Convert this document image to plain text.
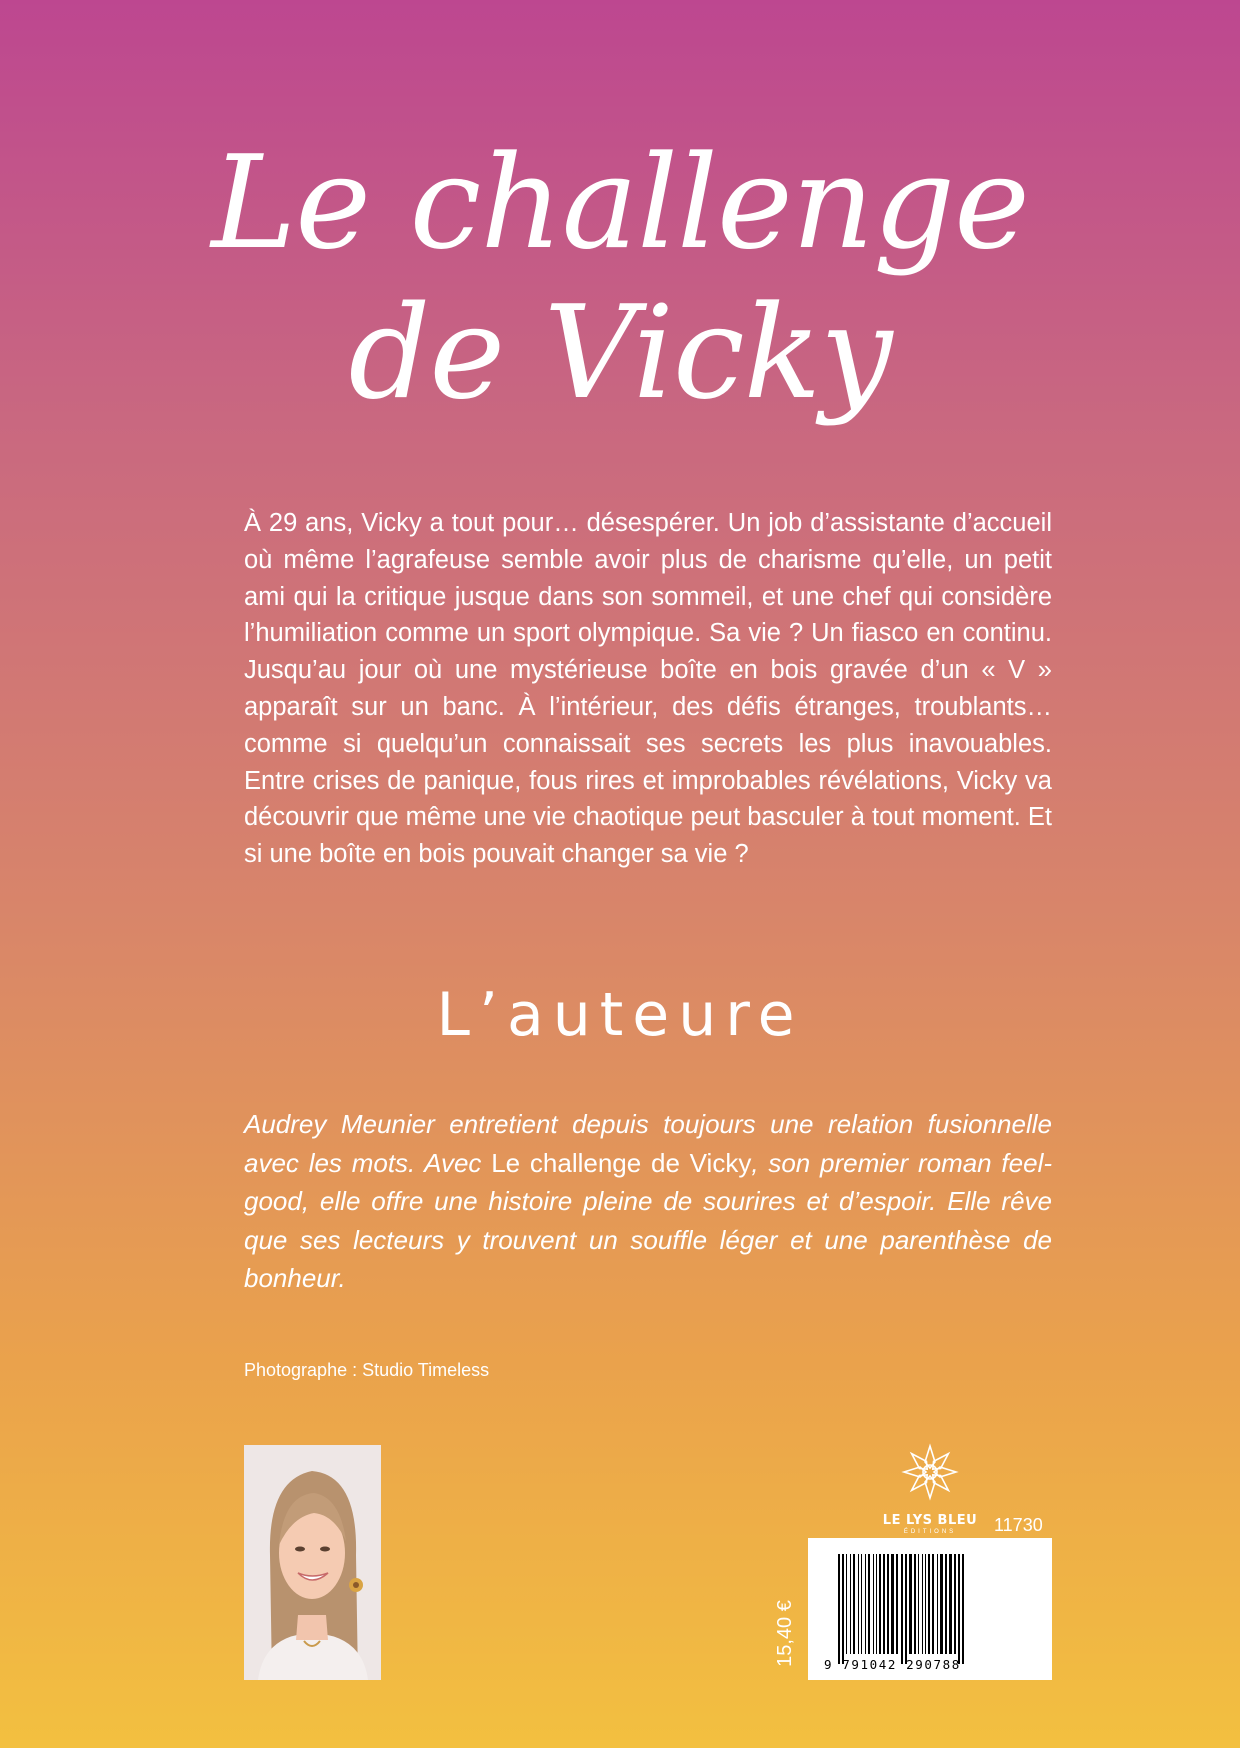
Le challenge
de Vicky

À 29 ans, Vicky a tout pour… désespérer. Un job d’assistante d’accueil où même l’agrafeuse semble avoir plus de charisme qu’elle, un petit ami qui la critique jusque dans son sommeil, et une chef qui considère l’humiliation comme un sport olympique. Sa vie ? Un fiasco en continu. Jusqu’au jour où une mystérieuse boîte en bois gravée d’un « V » apparaît sur un banc. À l’intérieur, des défis étranges, troublants… comme si quelqu’un connaissait ses secrets les plus inavouables. Entre crises de panique, fous rires et improbables révélations, Vicky va découvrir que même une vie chaotique peut basculer à tout moment. Et si une boîte en bois pouvait changer sa vie ?

L’auteure

Audrey Meunier entretient depuis toujours une relation fusionnelle avec les mots. Avec Le challenge de Vicky, son premier roman feel-good, elle offre une histoire pleine de sourires et d’espoir. Elle rêve que ses lecteurs y trouvent un souffle léger et une parenthèse de bonheur.

Photographe : Studio Timeless

LE LYS BLEU
ÉDITIONS	11730

15,40 € 9 791042 290788
